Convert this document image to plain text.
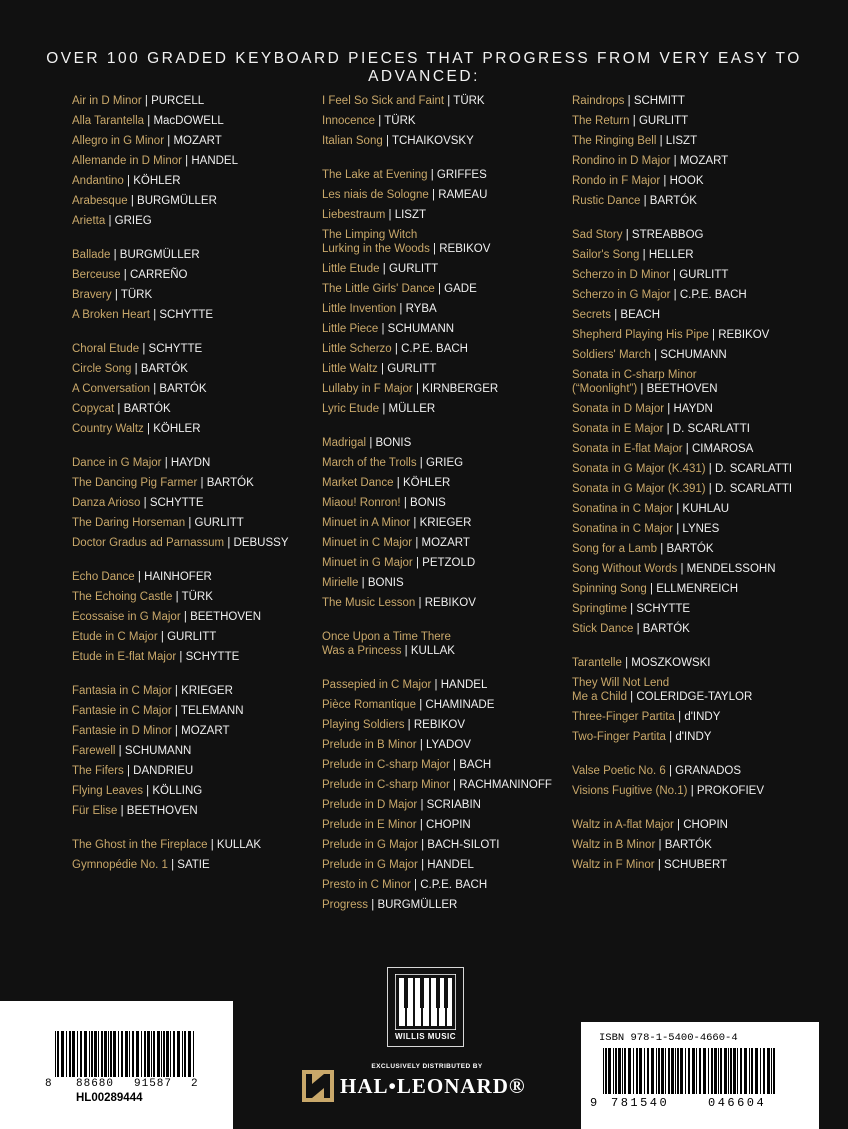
OVER 100 GRADED KEYBOARD PIECES THAT PROGRESS FROM VERY EASY TO ADVANCED:
Air in D Minor | PURCELL
Alla Tarantella | MacDOWELL
Allegro in G Minor | MOZART
Allemande in D Minor | HANDEL
Andantino | KÖHLER
Arabesque | BURGMÜLLER
Arietta | GRIEG
Ballade | BURGMÜLLER
Berceuse | CARREÑO
Bravery | TÜRK
A Broken Heart | SCHYTTE
Choral Etude | SCHYTTE
Circle Song | BARTÓK
A Conversation | BARTÓK
Copycat | BARTÓK
Country Waltz | KÖHLER
Dance in G Major | HAYDN
The Dancing Pig Farmer | BARTÓK
Danza Arioso | SCHYTTE
The Daring Horseman | GURLITT
Doctor Gradus ad Parnassum | DEBUSSY
Echo Dance | HAINHOFER
The Echoing Castle | TÜRK
Ecossaise in G Major | BEETHOVEN
Etude in C Major | GURLITT
Etude in E-flat Major | SCHYTTE
Fantasia in C Major | KRIEGER
Fantasie in C Major | TELEMANN
Fantasie in D Minor | MOZART
Farewell | SCHUMANN
The Fifers | DANDRIEU
Flying Leaves | KÖLLING
Für Elise | BEETHOVEN
The Ghost in the Fireplace | KULLAK
Gymnopédie No. 1 | SATIE
I Feel So Sick and Faint | TÜRK
Innocence | TÜRK
Italian Song | TCHAIKOVSKY
The Lake at Evening | GRIFFES
Les niais de Sologne | RAMEAU
Liebestraum | LISZT
The Limping Witch
Lurking in the Woods | REBIKOV
Little Etude | GURLITT
The Little Girls' Dance | GADE
Little Invention | RYBA
Little Piece | SCHUMANN
Little Scherzo | C.P.E. BACH
Little Waltz | GURLITT
Lullaby in F Major | KIRNBERGER
Lyric Etude | MÜLLER
Madrigal | BONIS
March of the Trolls | GRIEG
Market Dance | KÖHLER
Miaou! Ronron! | BONIS
Minuet in A Minor | KRIEGER
Minuet in C Major | MOZART
Minuet in G Major | PETZOLD
Mirielle | BONIS
The Music Lesson | REBIKOV
Once Upon a Time There
Was a Princess | KULLAK
Passepied in C Major | HANDEL
Pièce Romantique | CHAMINADE
Playing Soldiers | REBIKOV
Prelude in B Minor | LYADOV
Prelude in C-sharp Major | BACH
Prelude in C-sharp Minor | RACHMANINOFF
Prelude in D Major | SCRIABIN
Prelude in E Minor | CHOPIN
Prelude in G Major | BACH-SILOTI
Prelude in G Major | HANDEL
Presto in C Minor | C.P.E. BACH
Progress | BURGMÜLLER
Raindrops | SCHMITT
The Return | GURLITT
The Ringing Bell | LISZT
Rondino in D Major | MOZART
Rondo in F Major | HOOK
Rustic Dance | BARTÓK
Sad Story | STREABBOG
Sailor's Song | HELLER
Scherzo in D Minor | GURLITT
Scherzo in G Major | C.P.E. BACH
Secrets | BEACH
Shepherd Playing His Pipe | REBIKOV
Soldiers' March | SCHUMANN
Sonata in C-sharp Minor
(“Moonlight”) | BEETHOVEN
Sonata in D Major | HAYDN
Sonata in E Major | D. SCARLATTI
Sonata in E-flat Major | CIMAROSA
Sonata in G Major (K.431) | D. SCARLATTI
Sonata in G Major (K.391) | D. SCARLATTI
Sonatina in C Major | KUHLAU
Sonatina in C Major | LYNES
Song for a Lamb | BARTÓK
Song Without Words | MENDELSSOHN
Spinning Song | ELLMENREICH
Springtime | SCHYTTE
Stick Dance | BARTÓK
Tarantelle | MOSZKOWSKI
They Will Not Lend
Me a Child | COLERIDGE-TAYLOR
Three-Finger Partita | d'INDY
Two-Finger Partita | d'INDY
Valse Poetic No. 6 | GRANADOS
Visions Fugitive (No.1) | PROKOFIEV
Waltz in A-flat Major | CHOPIN
Waltz in B Minor | BARTÓK
Waltz in F Minor | SCHUBERT
8 88680 91587 2
HL00289444
ISBN 978-1-5400-4660-4
9 781540	046604
WILLIS MUSIC
EXCLUSIVELY DISTRIBUTED BY
HAL•LEONARD®
